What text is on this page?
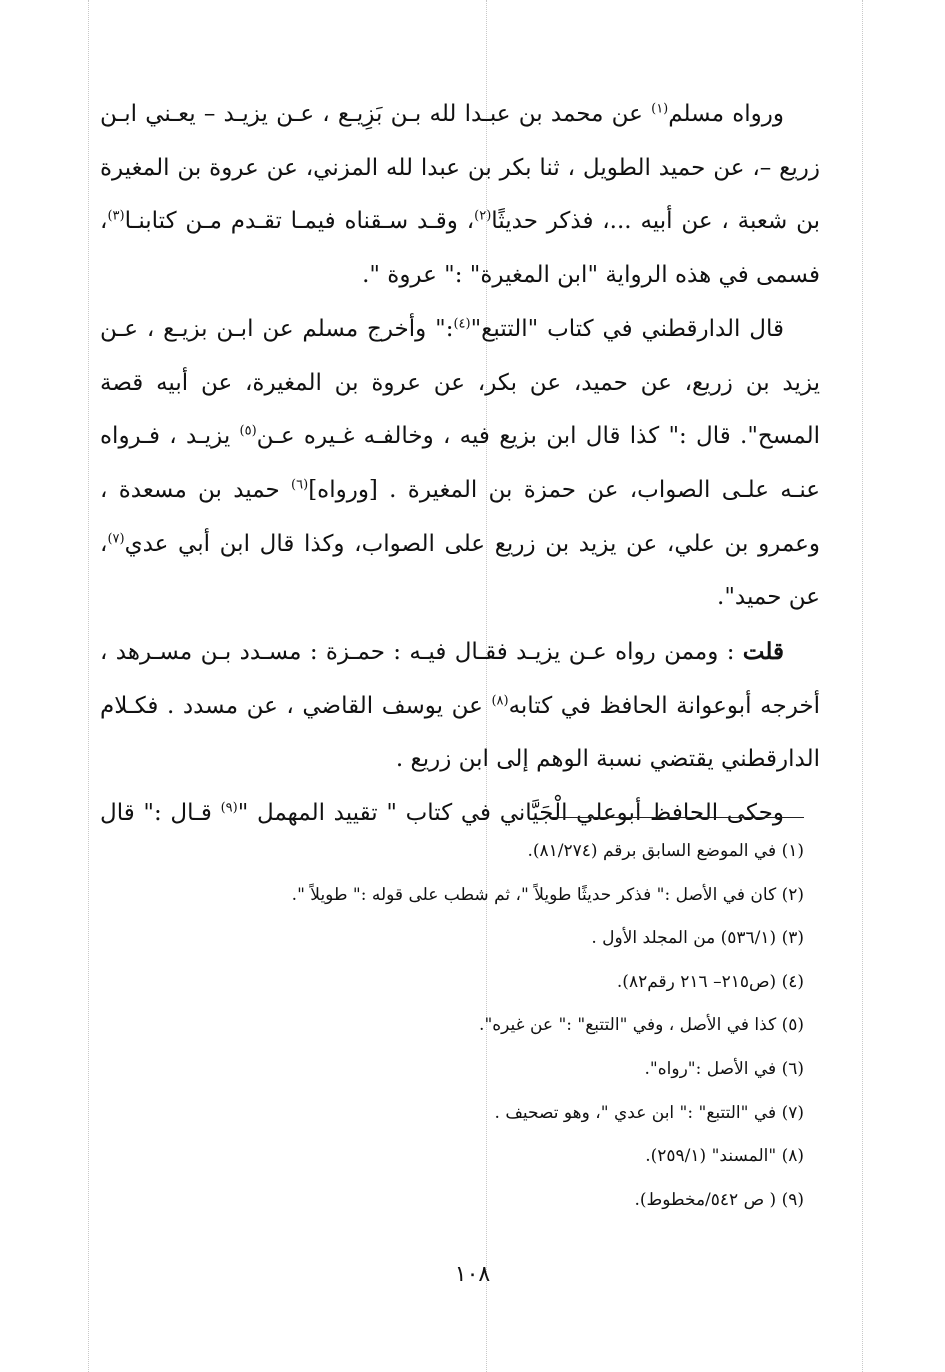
ورواه مسلم$^{(١)}$ عن محمد بن عبـدا لله بـن بَزِيـع ، عـن يزيـد – يعـني ابـن زريع –، عن حميد الطويل ، ثنا بكر بن عبدا لله المزني، عن عروة بن المغيرة بن شعبة ، عن أبيه ...، فذكر حديثًا$^{(٢)}$، وقـد سـقناه فيمـا تقـدم مـن كتابنـا$^{(٣)}$، فسمى في هذه الرواية "ابن المغيرة" :" عروة ".

قال الدارقطني في كتاب "التتبع"$^{(٤)}$:" وأخرج مسلم عن ابـن بزيـع ، عـن يزيد بن زريع، عن حميد، عن بكر، عن عروة بن المغيرة، عن أبيه قصة المسح". قال :" كذا قال ابن بزيع فيه ، وخالفـه غـيره عـن$^{(٥)}$ يزيـد ، فـرواه عنـه علـى الصواب، عن حمزة بن المغيرة . [ورواه]$^{(٦)}$ حميد بن مسعدة ، وعمرو بن علي، عن يزيد بن زريع على الصواب، وكذا قال ابن أبي عدي$^{(٧)}$، عن حميد".

قلت : وممن رواه عـن يزيـد فقـال فيـه : حمـزة : مسـدد بـن مسـرهد ، أخرجه أبوعوانة الحافظ في كتابه$^{(٨)}$ عن يوسف القاضي ، عن مسدد . فكـلام الدارقطني يقتضي نسبة الوهم إلى ابن زريع .

وحكى الحافظ أبوعلي الْجَيَّاني في كتاب " تقييد المهمل "$^{(٩)}$ قـال :" قال

(١) في الموضع السابق برقم (٨١/٢٧٤).

(٢) كان في الأصل :" فذكر حديثًا طويلاً "، ثم شطب على قوله :" طويلاً ".

(٣) (٥٣٦/١) من المجلد الأول .

(٤) (ص٢١٥– ٢١٦ رقم٨٢).

(٥) كذا في الأصل ، وفي "التتبع" :" عن غيره".

(٦) في الأصل :"رواه".

(٧) في "التتبع" :" ابن عدي "، وهو تصحيف .

(٨) "المسند" (٢٥٩/١).

(٩) ( ص ٥٤٢/مخطوط).

١٠٨
